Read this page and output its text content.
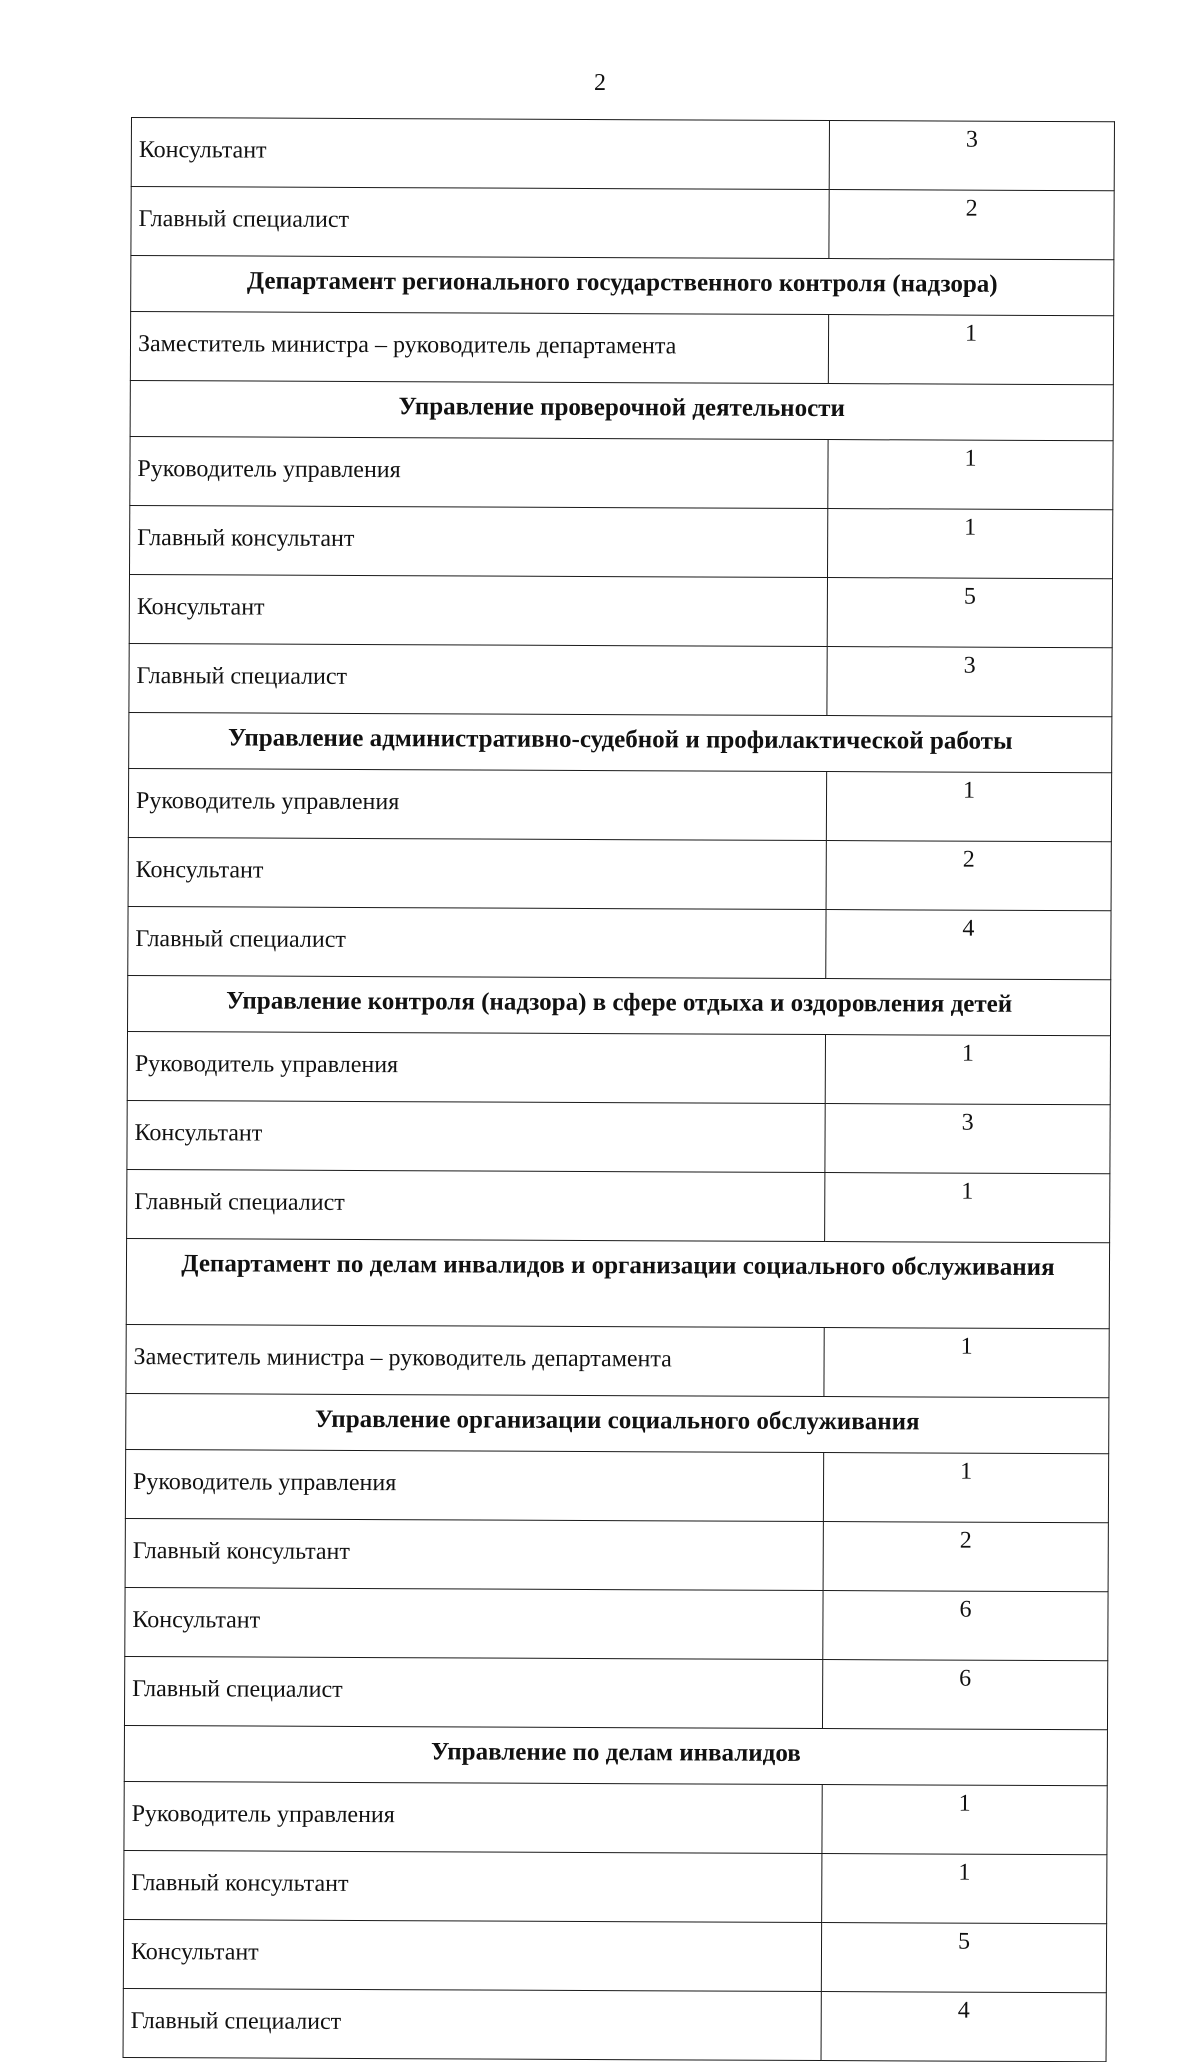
2
Консультант	3
Главный специалист	2
Департамент регионального государственного контроля (надзора)	
Заместитель министра – руководитель департамента	1
Управление проверочной деятельности	
Руководитель управления	1
Главный консультант	1
Консультант	5
Главный специалист	3
Управление административно-судебной и профилактической работы	
Руководитель управления	1
Консультант	2
Главный специалист	4
Управление контроля (надзора) в сфере отдыха и оздоровления детей	
Руководитель управления	1
Консультант	3
Главный специалист	1
Департамент по делам инвалидов и организации социального обслуживания	
Заместитель министра – руководитель департамента	1
Управление организации социального обслуживания	
Руководитель управления	1
Главный консультант	2
Консультант	6
Главный специалист	6
Управление по делам инвалидов	
Руководитель управления	1
Главный консультант	1
Консультант	5
Главный специалист	4
